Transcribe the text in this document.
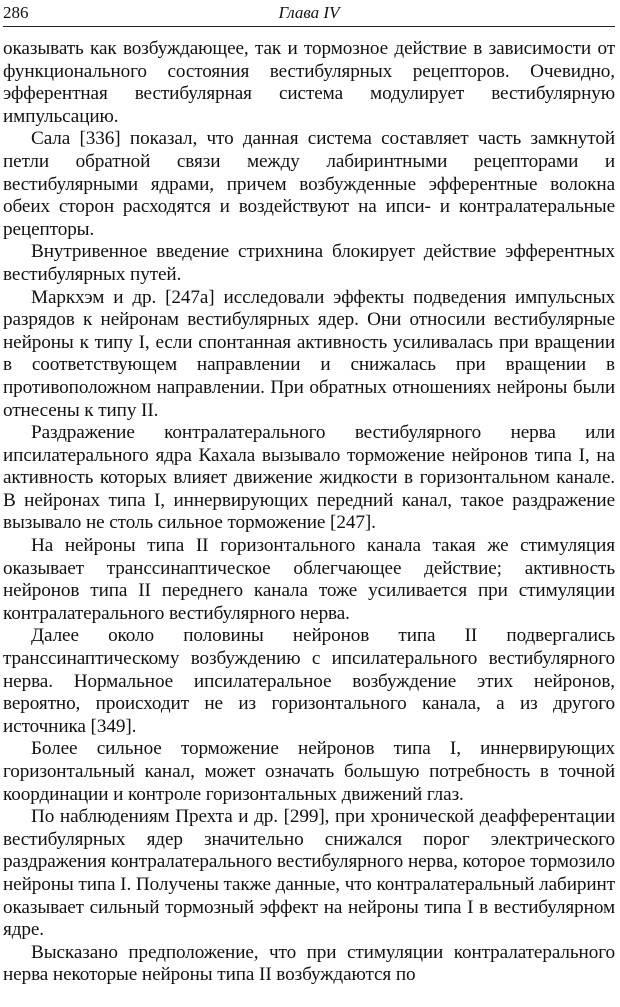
286	Глава IV

оказывать как возбуждающее, так и тормозное действие в зависимости от функционального состояния вестибулярных рецепторов. Очевидно, эфферентная вестибулярная система модулирует вестибулярную импульсацию.

Сала [336] показал, что данная система составляет часть замкнутой петли обратной связи между лабиринтными рецепторами и вестибулярными ядрами, причем возбужденные эфферентные волокна обеих сторон расходятся и воздействуют на ипси- и контралатеральные рецепторы.

Внутривенное введение стрихнина блокирует действие эфферентных вестибулярных путей.

Маркхэм и др. [247а] исследовали эффекты подведения импульсных разрядов к нейронам вестибулярных ядер. Они относили вестибулярные нейроны к типу I, если спонтанная активность усиливалась при вращении в соответствующем направлении и снижалась при вращении в противоположном направлении. При обратных отношениях нейроны были отнесены к типу II.

Раздражение контралатерального вестибулярного нерва или ипсилатерального ядра Кахала вызывало торможение нейронов типа I, на активность которых влияет движение жидкости в горизонтальном канале. В нейронах типа I, иннервирующих передний канал, такое раздражение вызывало не столь сильное торможение [247].

На нейроны типа II горизонтального канала такая же стимуляция оказывает транссинаптическое облегчающее действие; активность нейронов типа II переднего канала тоже усиливается при стимуляции контралатерального вестибулярного нерва.

Далее около половины нейронов типа II подвергались транссинаптическому возбуждению с ипсилатерального вестибулярного нерва. Нормальное ипсилатеральное возбуждение этих нейронов, вероятно, происходит не из горизонтального канала, а из другого источника [349].

Более сильное торможение нейронов типа I, иннервирующих горизонтальный канал, может означать большую потребность в точной координации и контроле горизонтальных движений глаз.

По наблюдениям Прехта и др. [299], при хронической деафферентации вестибулярных ядер значительно снижался порог электрического раздражения контралатерального вестибулярного нерва, которое тормозило нейроны типа I. Получены также данные, что контралатеральный лабиринт оказывает сильный тормозный эффект на нейроны типа I в вестибулярном ядре.

Высказано предположение, что при стимуляции контралатерального нерва некоторые нейроны типа II возбуждаются по
